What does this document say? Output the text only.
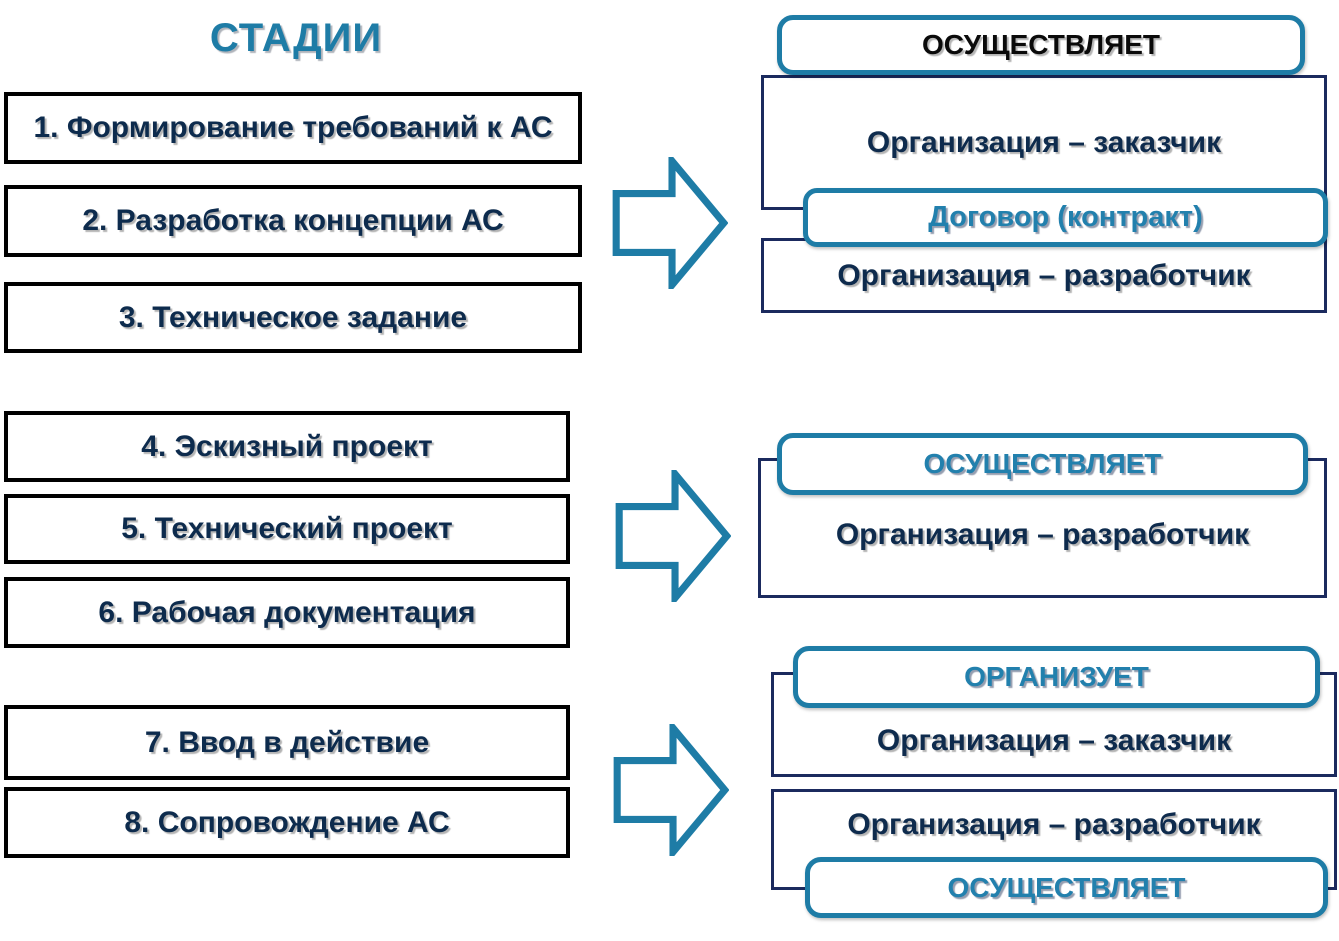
СТАДИИ
1. Формирование требований к АС
2. Разработка концепции АС
3. Техническое задание
4. Эскизный проект
5. Технический проект
6. Рабочая документация
7. Ввод в действие
8. Сопровождение АС
ОСУЩЕСТВЛЯЕТ
Организация – заказчик
Договор (контракт)
Организация – разработчик
ОСУЩЕСТВЛЯЕТ
Организация – разработчик
ОРГАНИЗУЕТ
Организация – заказчик
Организация – разработчик
ОСУЩЕСТВЛЯЕТ
